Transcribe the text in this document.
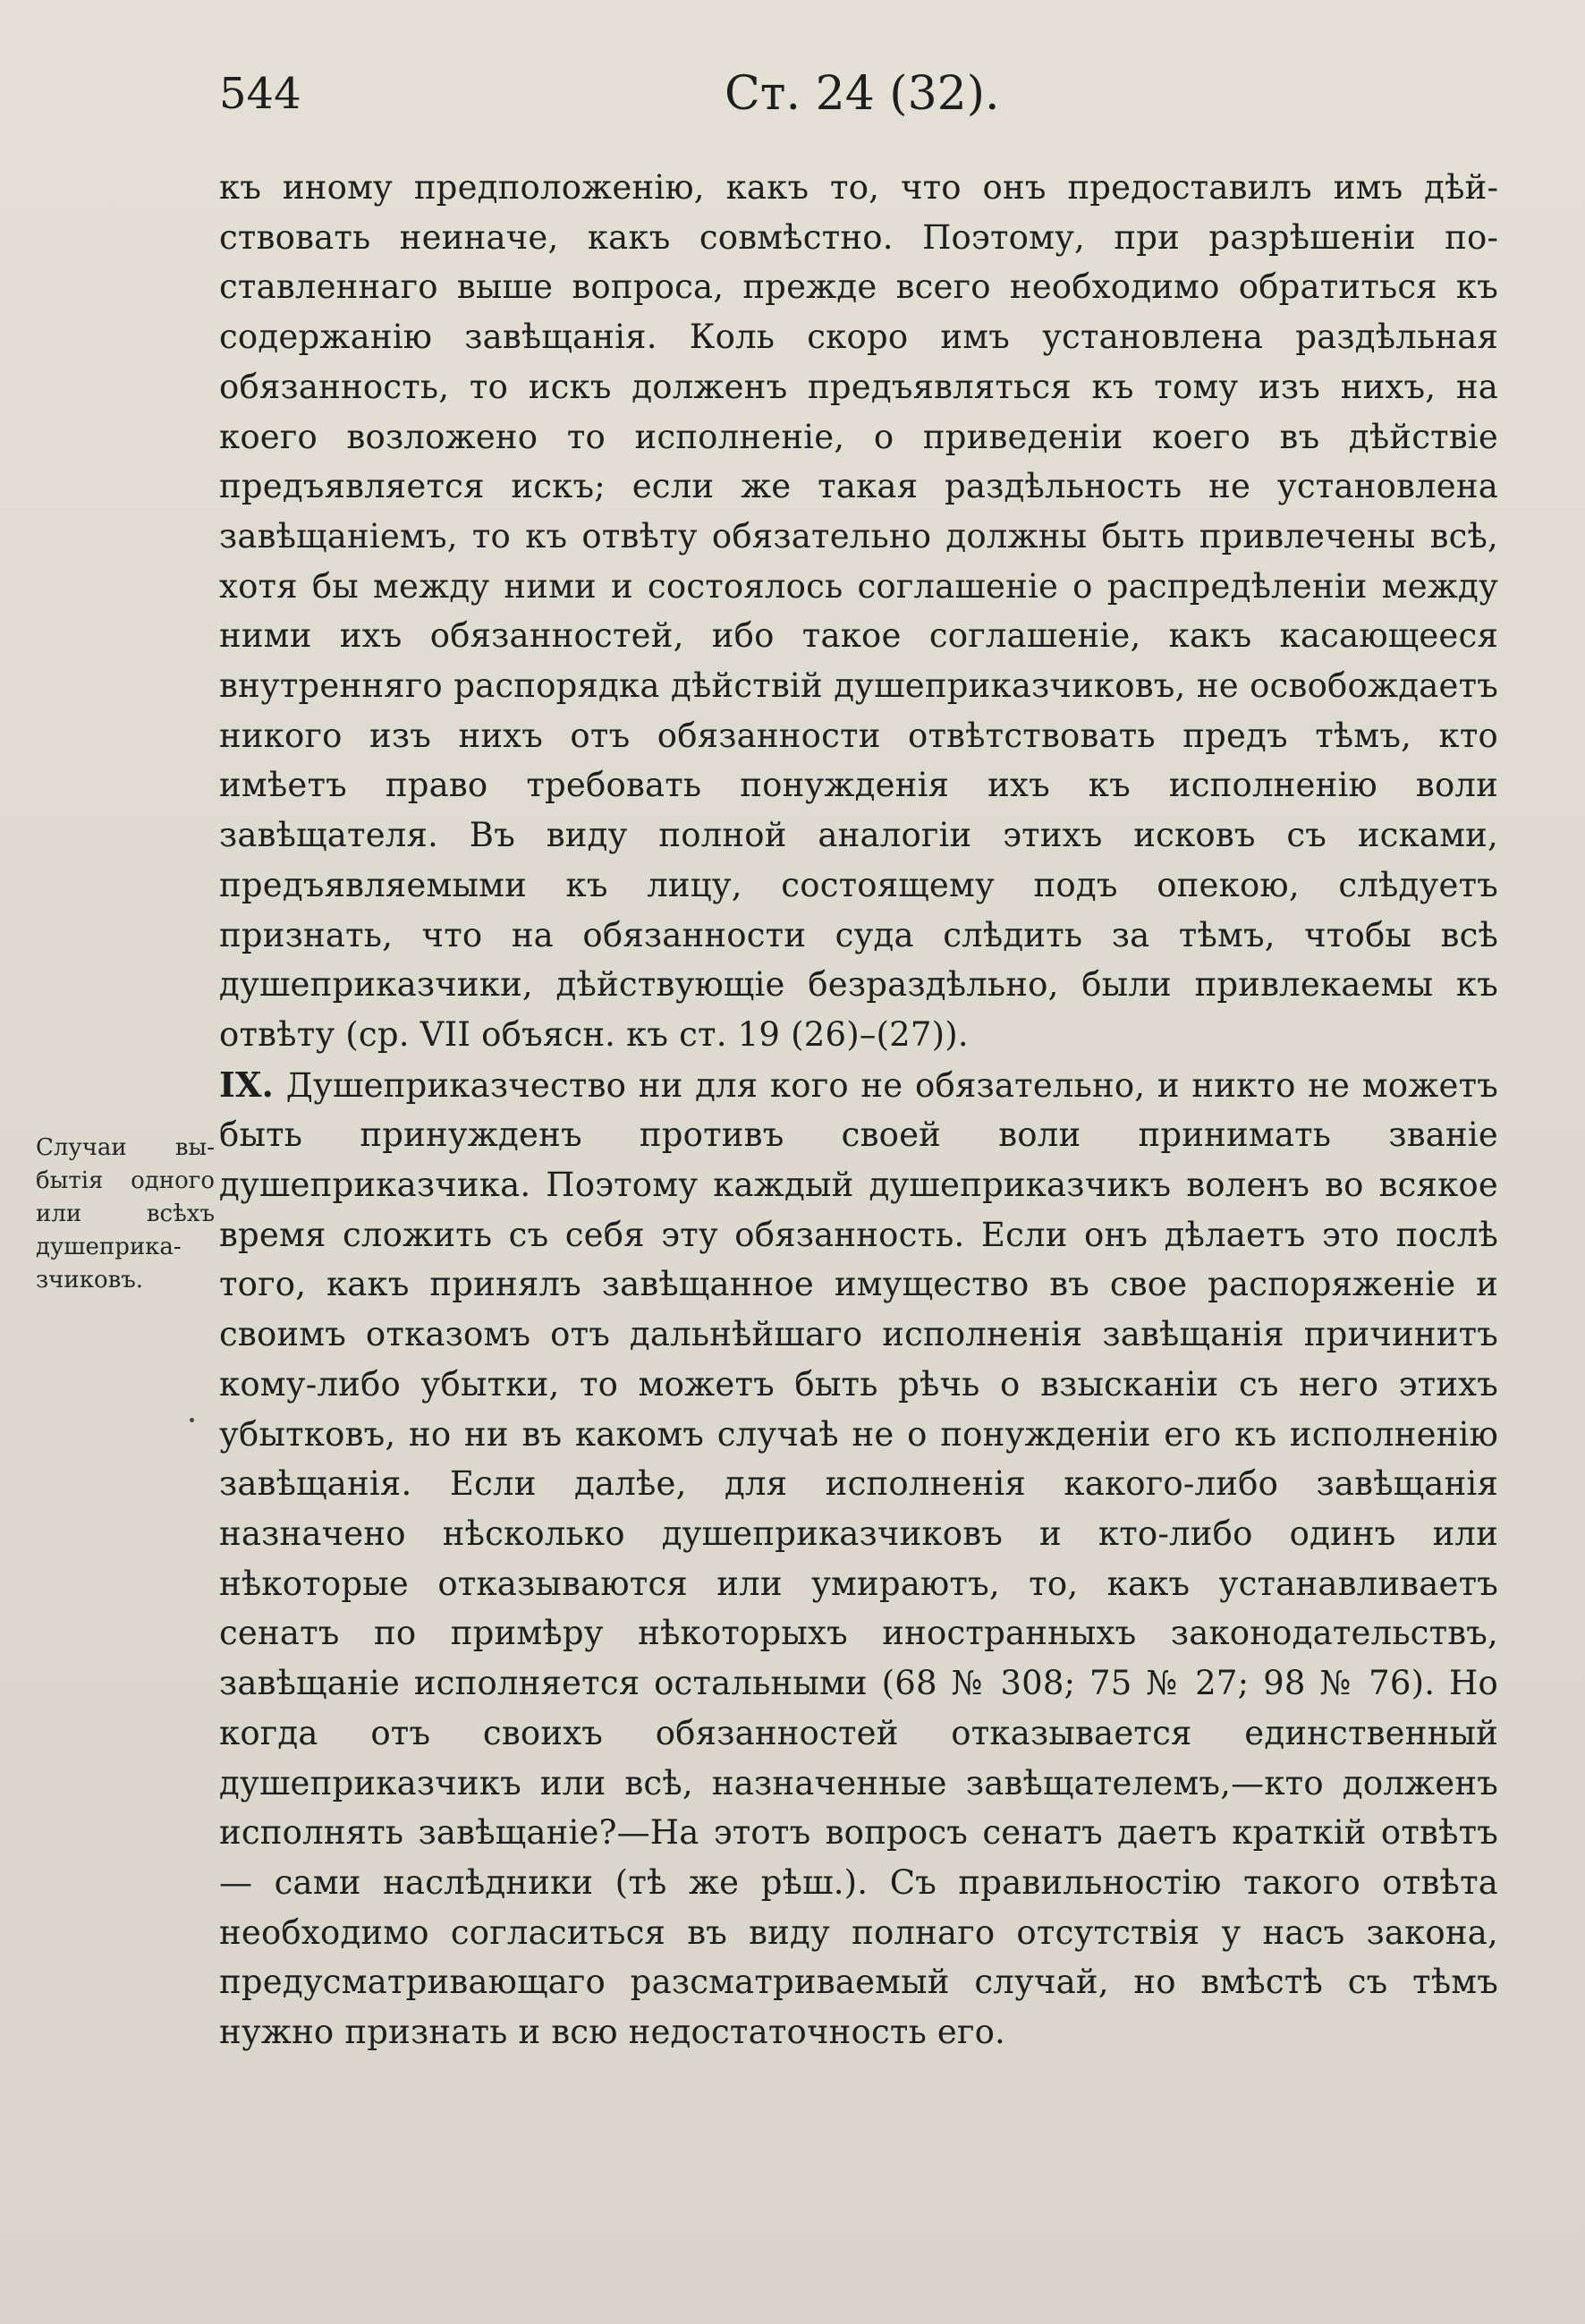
544	Ст. 24 (32).
Случаи выбытія одного или всѣхъ душеприказчиковъ.

къ иному предположенію, какъ то, что онъ предоставилъ имъ дѣйствовать неиначе, какъ совмѣстно. Поэтому, при разрѣшеніи поставленнаго выше вопроса, прежде всего необходимо обратиться къ содержанію завѣщанія. Коль скоро имъ установлена раздѣльная обязанность, то искъ долженъ предъявляться къ тому изъ нихъ, на коего возложено то исполненіе, о приведеніи коего въ дѣйствіе предъявляется искъ; если же такая раздѣльность не установлена завѣщаніемъ, то къ отвѣту обязательно должны быть привлечены всѣ, хотя бы между ними и состоялось соглашеніе о распредѣленіи между ними ихъ обязанностей, ибо такое соглашеніе, какъ касающееся внутренняго распорядка дѣйствій душеприказчиковъ, не освобождаетъ никого изъ нихъ отъ обязанности отвѣтствовать предъ тѣмъ, кто имѣетъ право требовать понужденія ихъ къ исполненію воли завѣщателя. Въ виду полной аналогіи этихъ исковъ съ исками, предъявляемыми къ лицу, состоящему подъ опекою, слѣдуетъ признать, что на обязанности суда слѣдить за тѣмъ, чтобы всѣ душеприказчики, дѣйствующіе безраздѣльно, были привлекаемы къ отвѣту (ср. VII объясн. къ ст. 19 (26)–(27)).

IX. Душеприказчество ни для кого не обязательно, и никто не можетъ быть принужденъ противъ своей воли принимать званіе душеприказчика. Поэтому каждый душеприказчикъ воленъ во всякое время сложить съ себя эту обязанность. Если онъ дѣлаетъ это послѣ того, какъ принялъ завѣщанное имущество въ свое распоряженіе и своимъ отказомъ отъ дальнѣйшаго исполненія завѣщанія причинитъ кому-либо убытки, то можетъ быть рѣчь о взысканіи съ него этихъ убытковъ, но ни въ какомъ случаѣ не о понужденіи его къ исполненію завѣщанія. Если далѣе, для исполненія какого-либо завѣщанія назначено нѣсколько душеприказчиковъ и кто-либо одинъ или нѣкоторые отказываются или умираютъ, то, какъ устанавливаетъ сенатъ по примѣру нѣкоторыхъ иностранныхъ законодательствъ, завѣщаніе исполняется остальными (68 № 308; 75 № 27; 98 № 76). Но когда отъ своихъ обязанностей отказывается единственный душеприказчикъ или всѣ, назначенные завѣщателемъ,—кто долженъ исполнять завѣщаніе?—На этотъ вопросъ сенатъ даетъ краткій отвѣтъ — сами наслѣдники (тѣ же рѣш.). Съ правильностію такого отвѣта необходимо согласиться въ виду полнаго отсутствія у насъ закона, предусматривающаго разсматриваемый случай, но вмѣстѣ съ тѣмъ нужно признать и всю недостаточность его.
